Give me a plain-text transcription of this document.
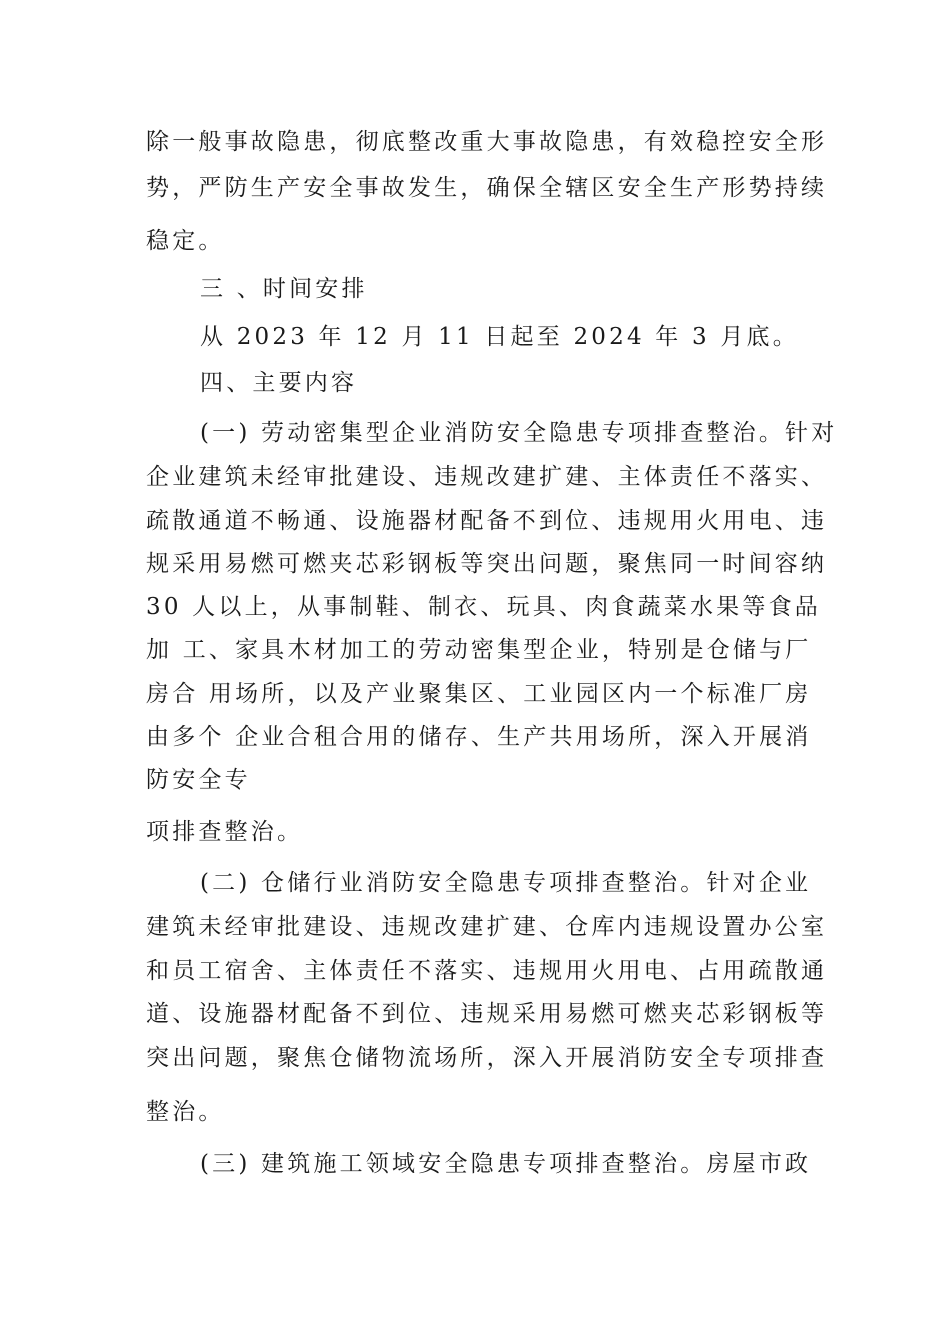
除一般事故隐患，彻底整改重大事故隐患，有效稳控安全形

势，严防生产安全事故发生，确保全辖区安全生产形势持续

稳定。

三 、时间安排

从 2023 年 12 月 11 日起至 2024 年 3 月底。

四、主要内容

(一) 劳动密集型企业消防安全隐患专项排查整治。针对

企业建筑未经审批建设、违规改建扩建、主体责任不落实、

疏散通道不畅通、设施器材配备不到位、违规用火用电、违

规采用易燃可燃夹芯彩钢板等突出问题，聚焦同一时间容纳

30 人以上，从事制鞋、制衣、玩具、肉食蔬菜水果等食品

加 工、家具木材加工的劳动密集型企业，特别是仓储与厂

房合 用场所，以及产业聚集区、工业园区内一个标准厂房

由多个 企业合租合用的储存、生产共用场所，深入开展消

防安全专

项排查整治。

(二) 仓储行业消防安全隐患专项排查整治。针对企业

建筑未经审批建设、违规改建扩建、仓库内违规设置办公室

和员工宿舍、主体责任不落实、违规用火用电、占用疏散通

道、设施器材配备不到位、违规采用易燃可燃夹芯彩钢板等

突出问题，聚焦仓储物流场所，深入开展消防安全专项排查

整治。

(三) 建筑施工领域安全隐患专项排查整治。房屋市政
